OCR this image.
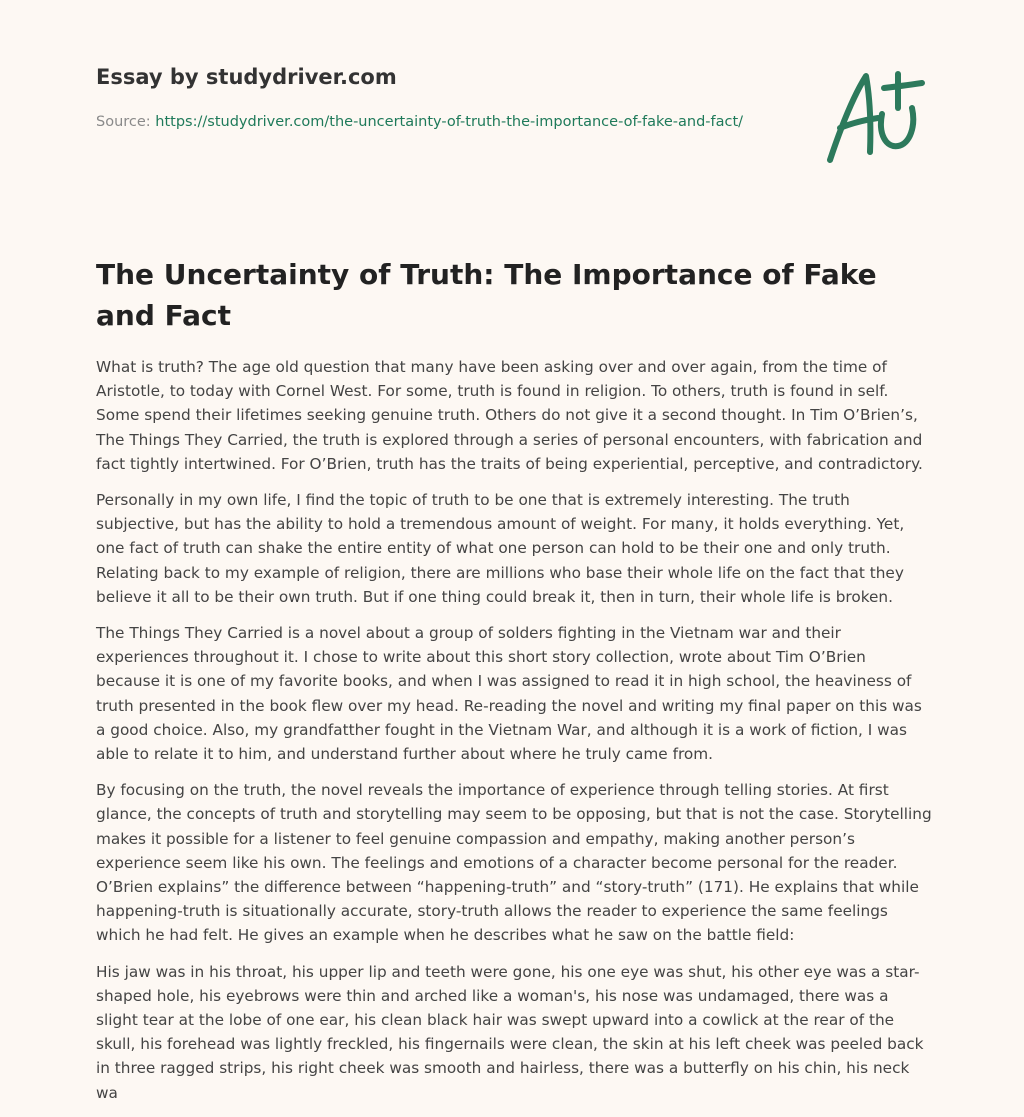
Essay by studydriver.com
Source: https://studydriver.com/the-uncertainty-of-truth-the-importance-of-fake-and-fact/
The Uncertainty of Truth: The Importance of Fake and Fact

What is truth? The age old question that many have been asking over and over again, from the time of Aristotle, to today with Cornel West. For some, truth is found in religion. To others, truth is found in self. Some spend their lifetimes seeking genuine truth. Others do not give it a second thought. In Tim O’Brien’s, The Things They Carried, the truth is explored through a series of personal encounters, with fabrication and fact tightly intertwined. For O’Brien, truth has the traits of being experiential, perceptive, and contradictory.

Personally in my own life, I find the topic of truth to be one that is extremely interesting. The truth subjective, but has the ability to hold a tremendous amount of weight. For many, it holds everything. Yet, one fact of truth can shake the entire entity of what one person can hold to be their one and only truth. Relating back to my example of religion, there are millions who base their whole life on the fact that they believe it all to be their own truth. But if one thing could break it, then in turn, their whole life is broken.

The Things They Carried is a novel about a group of solders fighting in the Vietnam war and their experiences throughout it. I chose to write about this short story collection, wrote about Tim O’Brien because it is one of my favorite books, and when I was assigned to read it in high school, the heaviness of truth presented in the book flew over my head. Re-reading the novel and writing my final paper on this was a good choice. Also, my grandfatther fought in the Vietnam War, and although it is a work of fiction, I was able to relate it to him, and understand further about where he truly came from.

By focusing on the truth, the novel reveals the importance of experience through telling stories. At first glance, the concepts of truth and storytelling may seem to be opposing, but that is not the case. Storytelling makes it possible for a listener to feel genuine compassion and empathy, making another person’s experience seem like his own. The feelings and emotions of a character become personal for the reader. O’Brien explains” the difference between “happening-truth” and “story-truth” (171). He explains that while happening-truth is situationally accurate, story-truth allows the reader to experience the same feelings which he had felt. He gives an example when he describes what he saw on the battle field:

His jaw was in his throat, his upper lip and teeth were gone, his one eye was shut, his other eye was a star-shaped hole, his eyebrows were thin and arched like a woman's, his nose was undamaged, there was a slight tear at the lobe of one ear, his clean black hair was swept upward into a cowlick at the rear of the skull, his forehead was lightly freckled, his fingernails were clean, the skin at his left cheek was peeled back in three ragged strips, his right cheek was smooth and hairless, there was a butterfly on his chin, his neck wa
